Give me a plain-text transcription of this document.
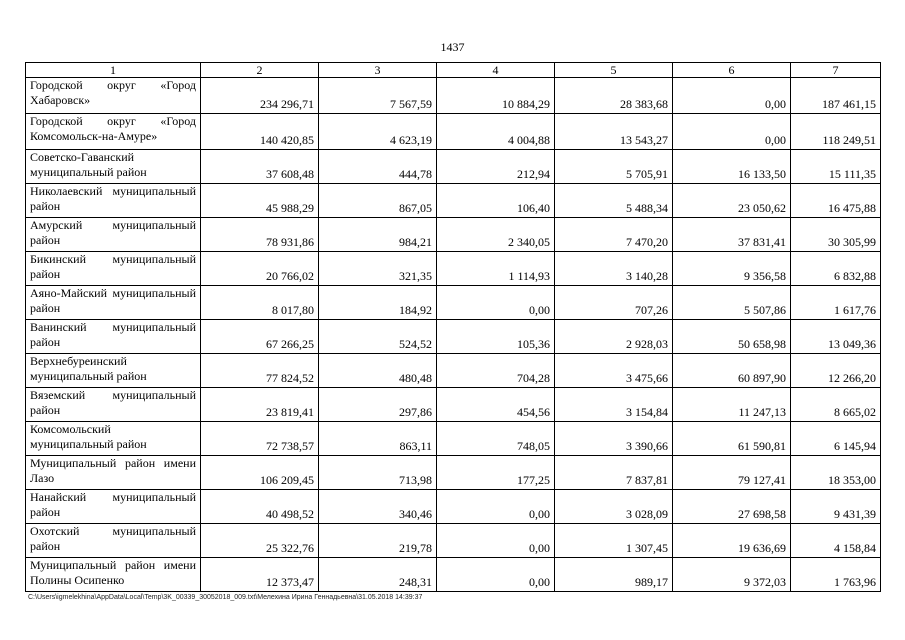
1437
1	2	3	4	5	6	7
Городской округ «Город Хабаровск»	234 296,71	7 567,59	10 884,29	28 383,68	0,00	187 461,15
Городской округ «Город Комсомольск-на-Амуре»	140 420,85	4 623,19	4 004,88	13 543,27	0,00	118 249,51
Советско-Гаванский муниципальный район	37 608,48	444,78	212,94	5 705,91	16 133,50	15 111,35
Николаевский муниципальный район	45 988,29	867,05	106,40	5 488,34	23 050,62	16 475,88
Амурский муниципальный район	78 931,86	984,21	2 340,05	7 470,20	37 831,41	30 305,99
Бикинский муниципальный район	20 766,02	321,35	1 114,93	3 140,28	9 356,58	6 832,88
Аяно-Майский муниципальный район	8 017,80	184,92	0,00	707,26	5 507,86	1 617,76
Ванинский муниципальный район	67 266,25	524,52	105,36	2 928,03	50 658,98	13 049,36
Верхнебуреинский муниципальный район	77 824,52	480,48	704,28	3 475,66	60 897,90	12 266,20
Вяземский муниципальный район	23 819,41	297,86	454,56	3 154,84	11 247,13	8 665,02
Комсомольский муниципальный район	72 738,57	863,11	748,05	3 390,66	61 590,81	6 145,94
Муниципальный район имени Лазо	106 209,45	713,98	177,25	7 837,81	79 127,41	18 353,00
Нанайский муниципальный район	40 498,52	340,46	0,00	3 028,09	27 698,58	9 431,39
Охотский муниципальный район	25 322,76	219,78	0,00	1 307,45	19 636,69	4 158,84
Муниципальный район имени Полины Осипенко	12 373,47	248,31	0,00	989,17	9 372,03	1 763,96
C:\Users\igmelekhina\AppData\Local\Temp\3K_00339_30052018_009.txt\Мелехина Ирина Геннадьевна\31.05.2018 14:39:37
